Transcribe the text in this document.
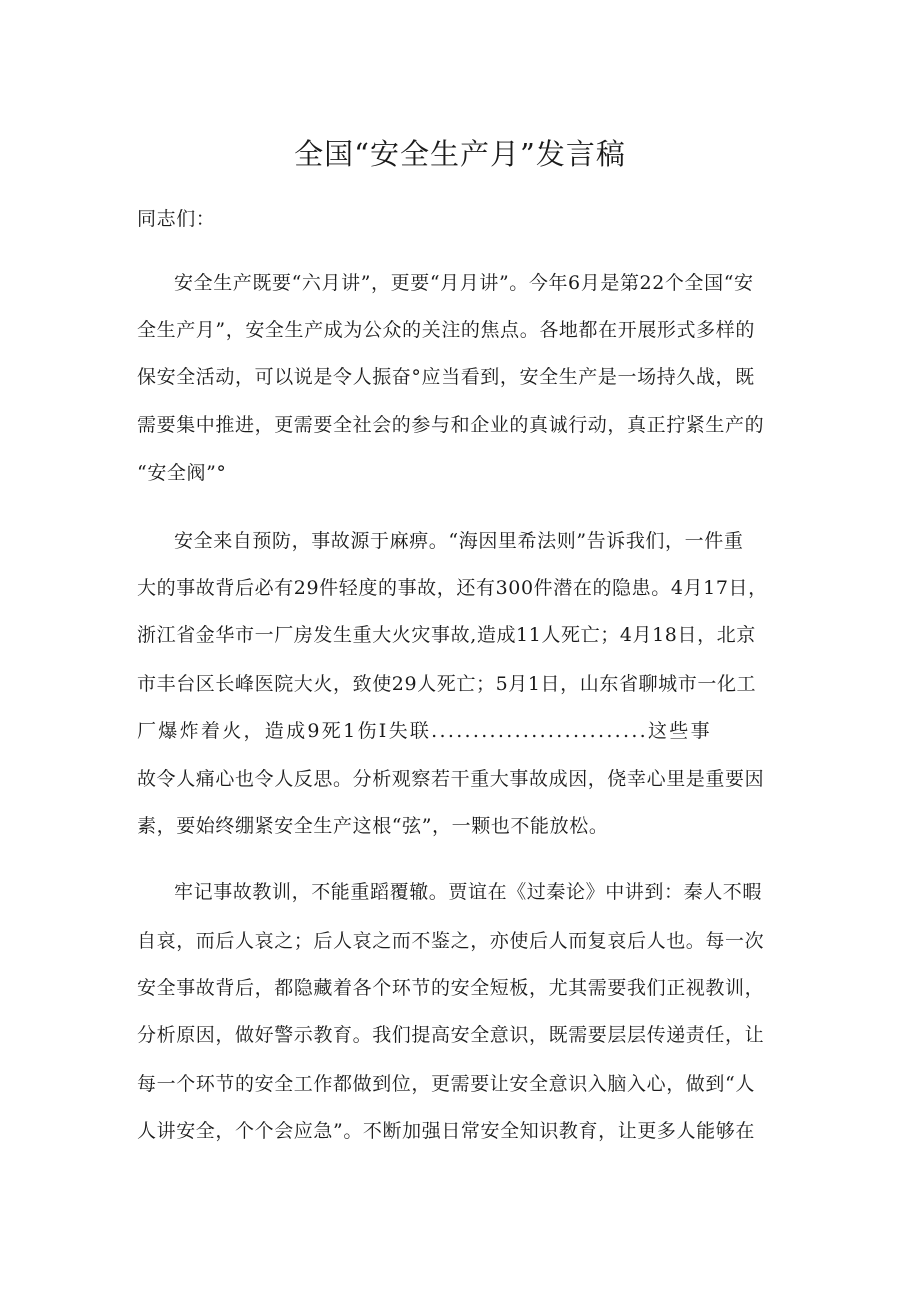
全国“安全生产月”发言稿
同志们：
安全生产既要“六月讲”，更要“月月讲”。今年6月是第22个全国“安
全生产月”，安全生产成为公众的关注的焦点。各地都在开展形式多样的
保安全活动，可以说是令人振奋°应当看到，安全生产是一场持久战，既
需要集中推进，更需要全社会的参与和企业的真诚行动，真正拧紧生产的
“安全阀”°
安全来自预防，事故源于麻痹。“海因里希法则”告诉我们，一件重
大的事故背后必有29件轻度的事故，还有300件潜在的隐患。4月17日，
浙江省金华市一厂房发生重大火灾事故,造成11人死亡；4月18日，北京
市丰台区长峰医院大火，致使29人死亡；5月1日，山东省聊城市一化工
厂爆炸着火，造成9死1伤I失联..........................这些事
故令人痛心也令人反思。分析观察若干重大事故成因，侥幸心里是重要因
素，要始终绷紧安全生产这根“弦”，一颗也不能放松。
牢记事故教训，不能重蹈覆辙。贾谊在《过秦论》中讲到：秦人不暇
自哀，而后人哀之；后人哀之而不鉴之，亦使后人而复哀后人也。每一次
安全事故背后，都隐藏着各个环节的安全短板，尤其需要我们正视教训，
分析原因，做好警示教育。我们提高安全意识，既需要层层传递责任，让
每一个环节的安全工作都做到位，更需要让安全意识入脑入心，做到“人
人讲安全，个个会应急”。不断加强日常安全知识教育，让更多人能够在
